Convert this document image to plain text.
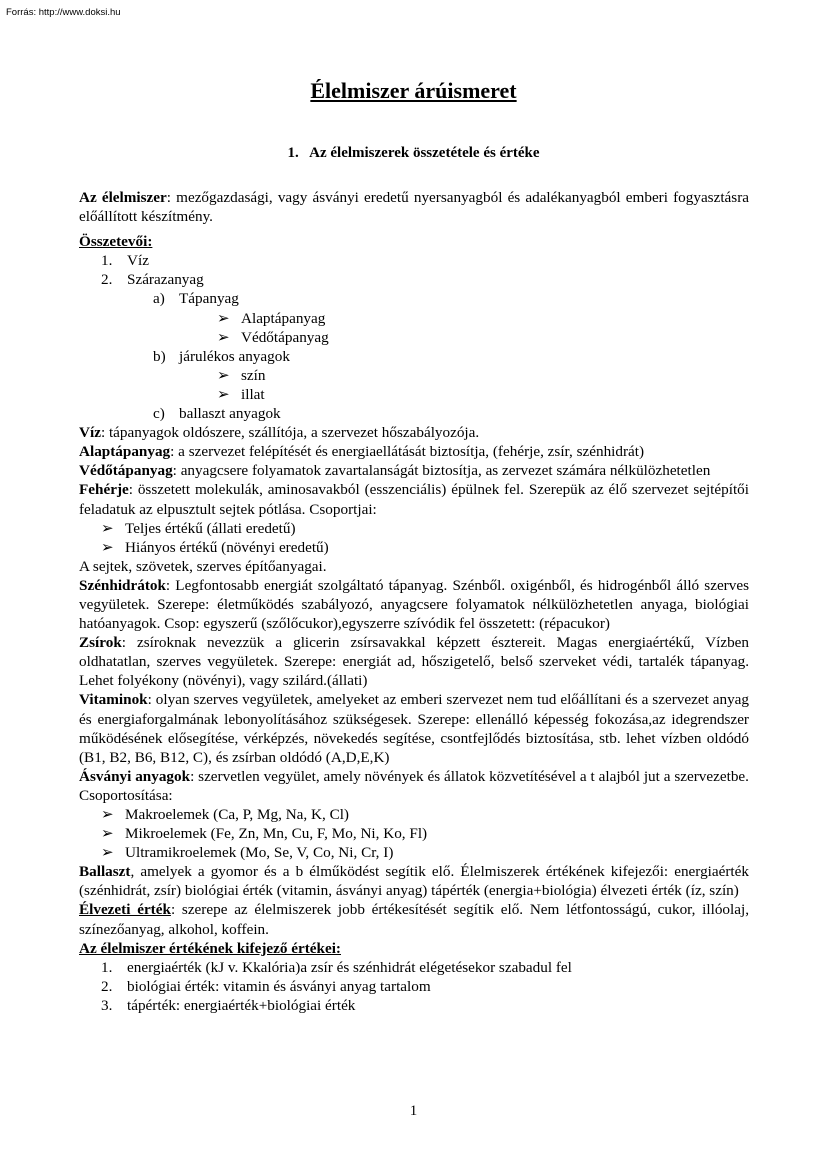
Forrás: http://www.doksi.hu
Élelmiszer árúismeret
1. Az élelmiszerek összetétele és értéke

Az élelmiszer: mezőgazdasági, vagy ásványi eredetű nyersanyagból és adalékanyagból emberi fogyasztásra előállított készítmény.

Összetevői:

1. Víz
2. Szárazanyag
a) Tápanyag
➢ Alaptápanyag
➢ Védőtápanyag
b) járulékos anyagok
➢ szín
➢ illat
c) ballaszt anyagok

Víz: tápanyagok oldószere, szállítója, a szervezet hőszabályozója.

Alaptápanyag: a szervezet felépítését és energiaellátását biztosítja, (fehérje, zsír, szénhidrát)

Védőtápanyag: anyagcsere folyamatok zavartalanságát biztosítja, as zervezet számára nélkülözhetetlen

Fehérje: összetett molekulák, aminosavakból (esszenciális) épülnek fel. Szerepük az élő szervezet sejtépítői feladatuk az elpusztult sejtek pótlása. Csoportjai:

➢ Teljes értékű (állati eredetű)
➢ Hiányos értékű (növényi eredetű)

A sejtek, szövetek, szerves építőanyagai.

Szénhidrátok: Legfontosabb energiát szolgáltató tápanyag. Szénből. oxigénből, és hidrogénből álló szerves vegyületek. Szerepe: életműködés szabályozó, anyagcsere folyamatok nélkülözhetetlen anyaga, biológiai hatóanyagok. Csop: egyszerű (szőlőcukor),egyszerre szívódik fel összetett: (répacukor)

Zsírok: zsíroknak nevezzük a glicerin zsírsavakkal képzett észtereit. Magas energiaértékű, Vízben oldhatatlan, szerves vegyületek. Szerepe: energiát ad, hőszigetelő, belső szerveket védi, tartalék tápanyag. Lehet folyékony (növényi), vagy szilárd.(állati)

Vitaminok: olyan szerves vegyületek, amelyeket az emberi szervezet nem tud előállítani és a szervezet anyag és energiaforgalmának lebonyolításához szükségesek. Szerepe: ellenálló képesség fokozása,az idegrendszer működésének elősegítése, vérképzés, növekedés segítése, csontfejlődés biztosítása, stb. lehet vízben oldódó (B1, B2, B6, B12, C), és zsírban oldódó (A,D,E,K)

Ásványi anyagok: szervetlen vegyület, amely növények és állatok közvetítésével a t alajból jut a szervezetbe. Csoportosítása:

➢ Makroelemek (Ca, P, Mg, Na, K, Cl)
➢ Mikroelemek (Fe, Zn, Mn, Cu, F, Mo, Ni, Ko, Fl)
➢ Ultramikroelemek (Mo, Se, V, Co, Ni, Cr, I)

Ballaszt, amelyek a gyomor és a b élműködést segítik elő. Élelmiszerek értékének kifejezői: energiaérték (szénhidrát, zsír) biológiai érték (vitamin, ásványi anyag) tápérték (energia+biológia) élvezeti érték (íz, szín)

Élvezeti érték: szerepe az élelmiszerek jobb értékesítését segítik elő. Nem létfontosságú, cukor, illóolaj, színezőanyag, alkohol, koffein.

Az élelmiszer értékének kifejező értékei:

1. energiaérték (kJ v. Kkalória)a zsír és szénhidrát elégetésekor szabadul fel
2. biológiai érték: vitamin és ásványi anyag tartalom
3. tápérték: energiaérték+biológiai érték
1
